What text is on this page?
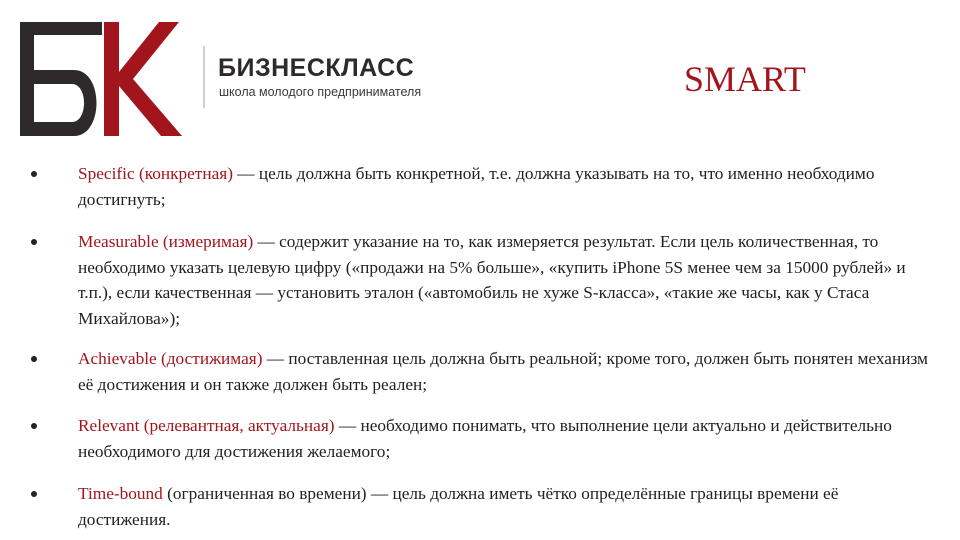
БИЗНЕСКЛАСС
школа молодого предпринимателя	SMART
Specific (конкретная) — цель должна быть конкретной, т.е. должна указывать на то, что именно необходимо достигнуть;
Measurable (измеримая) — содержит указание на то, как измеряется результат. Если цель количественная, то необходимо указать целевую цифру («продажи на 5% больше», «купить iPhone 5S менее чем за 15000 рублей» и т.п.), если качественная — установить эталон («автомобиль не хуже S-класса», «такие же часы, как у Стаса Михайлова»);
Achievable (достижимая) — поставленная цель должна быть реальной; кроме того, должен быть понятен механизм её достижения и он также должен быть реален;
Relevant (релевантная, актуальная) — необходимо понимать, что выполнение цели актуально и действительно необходимого для достижения желаемого;
Time-bound (ограниченная во времени) — цель должна иметь чётко определённые границы времени её достижения.
